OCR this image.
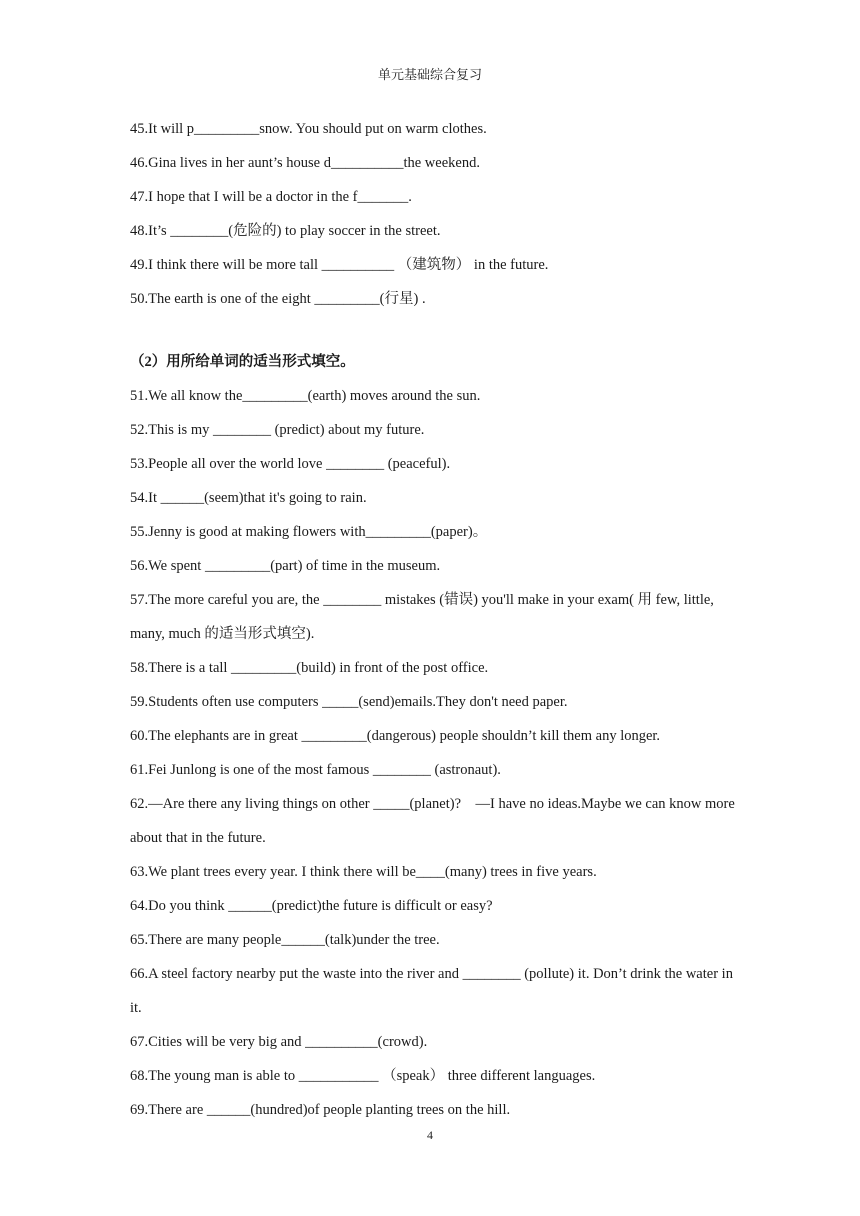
单元基础综合复习
45.It will p_________snow. You should put on warm clothes.
46.Gina lives in her aunt’s house d__________the weekend.
47.I hope that I will be a doctor in the f_______.
48.It’s ________(危险的) to play soccer in the street.
49.I think there will be more tall __________ （建筑物） in the future.
50.The earth is one of the eight _________(行星) .
（2）用所给单词的适当形式填空。
51.We all know the_________(earth) moves around the sun.
52.This is my ________ (predict) about my future.
53.People all over the world love ________ (peaceful).
54.It ______(seem)that it's going to rain.
55.Jenny is good at making flowers with_________(paper)。
56.We spent _________(part) of time in the museum.
57.The more careful you are, the ________ mistakes (错误) you'll make in your exam( 用 few, little, many, much 的适当形式填空).
58.There is a tall _________(build) in front of the post office.
59.Students often use computers _____(send)emails.They don't need paper.
60.The elephants are in great _________(dangerous) people shouldn’t kill them any longer.
61.Fei Junlong is one of the most famous ________ (astronaut).
62.—Are there any living things on other _____(planet)?　—I have no ideas.Maybe we can know more about that in the future.
63.We plant trees every year. I think there will be____(many) trees in five years.
64.Do you think ______(predict)the future is difficult or easy?
65.There are many people______(talk)under the tree.
66.A steel factory nearby put the waste into the river and ________ (pollute) it. Don’t drink the water in it.
67.Cities will be very big and __________(crowd).
68.The young man is able to ___________ （speak） three different languages.
69.There are ______(hundred)of people planting trees on the hill.
4
